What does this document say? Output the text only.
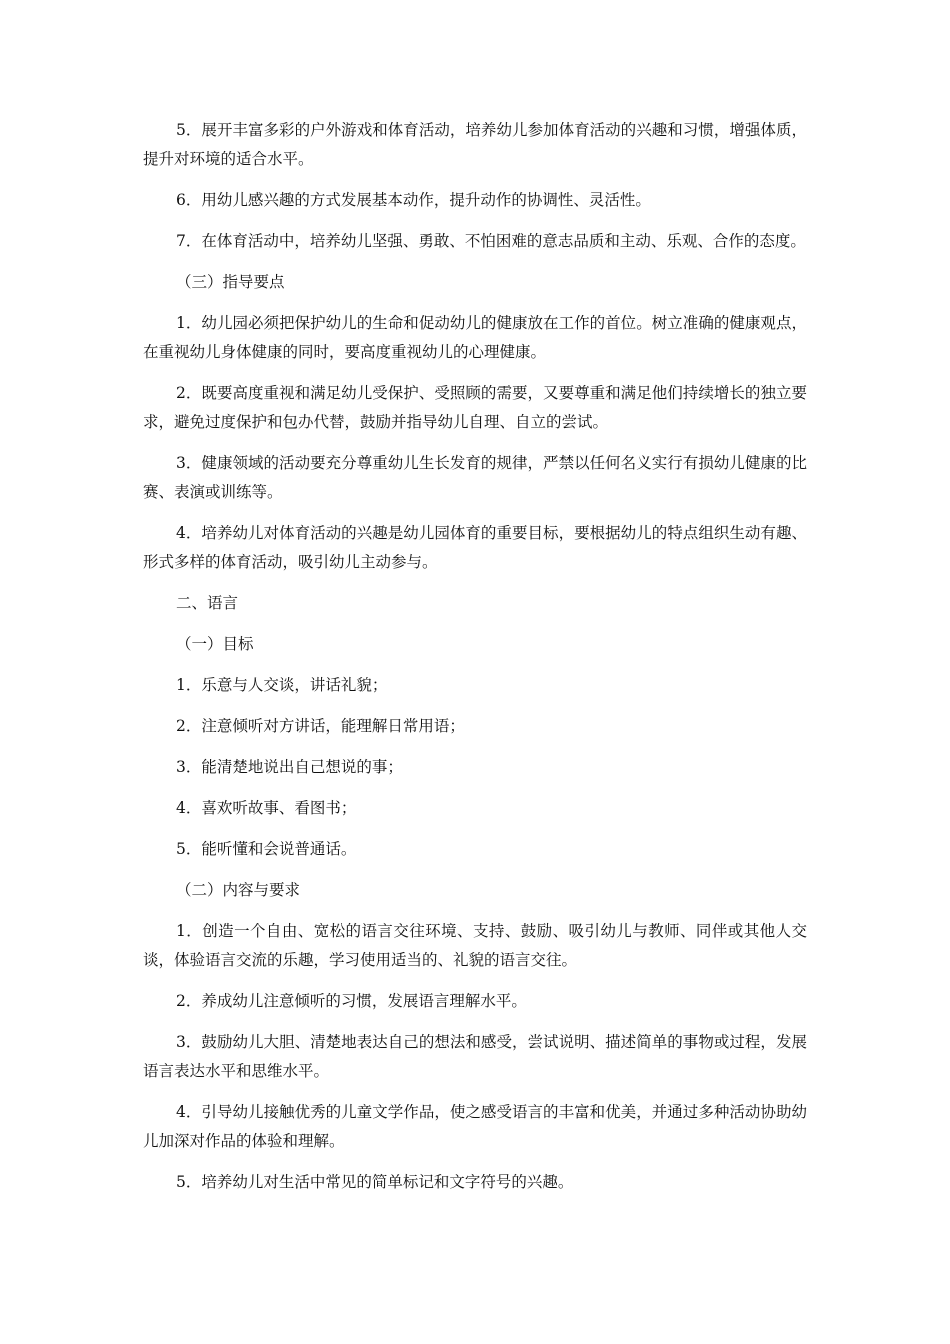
5．展开丰富多彩的户外游戏和体育活动，培养幼儿参加体育活动的兴趣和习惯，增强体质，提升对环境的适合水平。

6．用幼儿感兴趣的方式发展基本动作，提升动作的协调性、灵活性。

7．在体育活动中，培养幼儿坚强、勇敢、不怕困难的意志品质和主动、乐观、合作的态度。

（三）指导要点

1．幼儿园必须把保护幼儿的生命和促动幼儿的健康放在工作的首位。树立准确的健康观点，在重视幼儿身体健康的同时，要高度重视幼儿的心理健康。

2．既要高度重视和满足幼儿受保护、受照顾的需要，又要尊重和满足他们持续增长的独立要求，避免过度保护和包办代替，鼓励并指导幼儿自理、自立的尝试。

3．健康领域的活动要充分尊重幼儿生长发育的规律，严禁以任何名义实行有损幼儿健康的比赛、表演或训练等。

4．培养幼儿对体育活动的兴趣是幼儿园体育的重要目标，要根据幼儿的特点组织生动有趣、形式多样的体育活动，吸引幼儿主动参与。

二、语言

（一）目标

1．乐意与人交谈，讲话礼貌；

2．注意倾听对方讲话，能理解日常用语；

3．能清楚地说出自己想说的事；

4．喜欢听故事、看图书；

5．能听懂和会说普通话。

（二）内容与要求

1．创造一个自由、宽松的语言交往环境、支持、鼓励、吸引幼儿与教师、同伴或其他人交谈，体验语言交流的乐趣，学习使用适当的、礼貌的语言交往。

2．养成幼儿注意倾听的习惯，发展语言理解水平。

3．鼓励幼儿大胆、清楚地表达自己的想法和感受，尝试说明、描述简单的事物或过程，发展语言表达水平和思维水平。

4．引导幼儿接触优秀的儿童文学作品，使之感受语言的丰富和优美，并通过多种活动协助幼儿加深对作品的体验和理解。

5．培养幼儿对生活中常见的简单标记和文字符号的兴趣。
